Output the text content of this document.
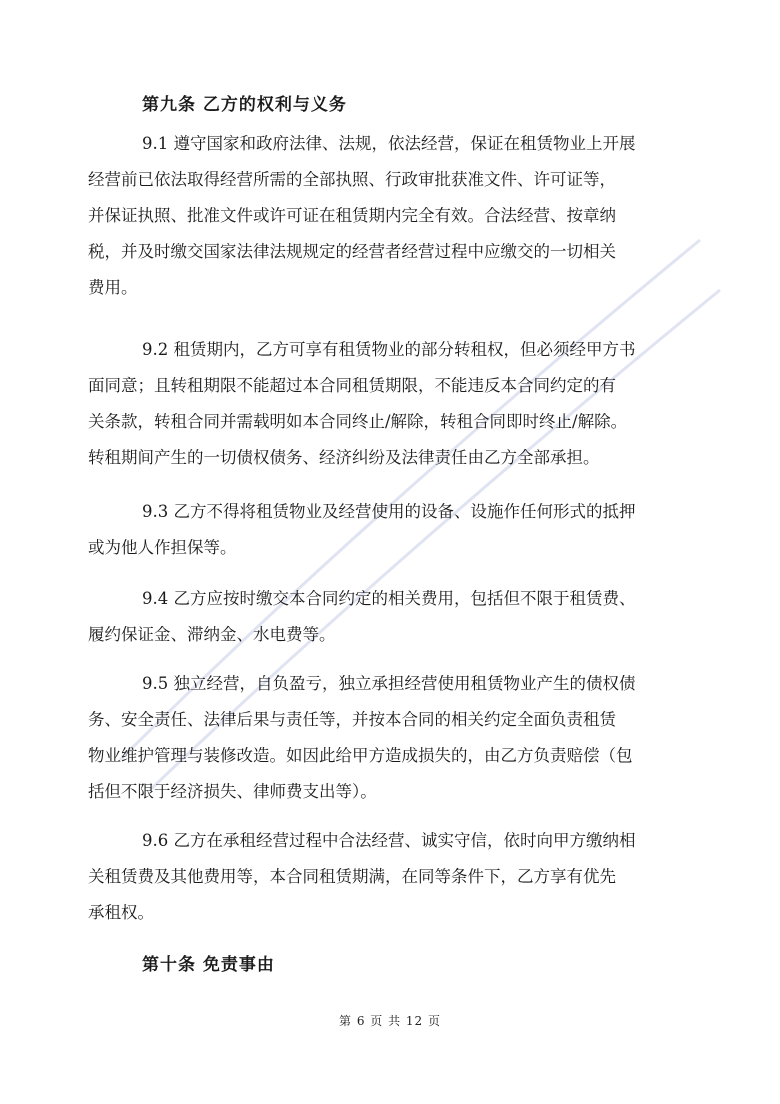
第九条 乙方的权利与义务
9.1 遵守国家和政府法律、法规，依法经营，保证在租赁物业上开展
经营前已依法取得经营所需的全部执照、行政审批获准文件、许可证等，
并保证执照、批准文件或许可证在租赁期内完全有效。合法经营、按章纳
税，并及时缴交国家法律法规规定的经营者经营过程中应缴交的一切相关
费用。
9.2 租赁期内，乙方可享有租赁物业的部分转租权，但必须经甲方书
面同意；且转租期限不能超过本合同租赁期限，不能违反本合同约定的有
关条款，转租合同并需载明如本合同终止/解除，转租合同即时终止/解除。
转租期间产生的一切债权债务、经济纠纷及法律责任由乙方全部承担。
9.3 乙方不得将租赁物业及经营使用的设备、设施作任何形式的抵押
或为他人作担保等。
9.4 乙方应按时缴交本合同约定的相关费用，包括但不限于租赁费、
履约保证金、滞纳金、水电费等。
9.5 独立经营，自负盈亏，独立承担经营使用租赁物业产生的债权债
务、安全责任、法律后果与责任等，并按本合同的相关约定全面负责租赁
物业维护管理与装修改造。如因此给甲方造成损失的，由乙方负责赔偿（包
括但不限于经济损失、律师费支出等）。
9.6 乙方在承租经营过程中合法经营、诚实守信，依时向甲方缴纳相
关租赁费及其他费用等，本合同租赁期满，在同等条件下，乙方享有优先
承租权。
第十条 免责事由
第 6 页 共 12 页
